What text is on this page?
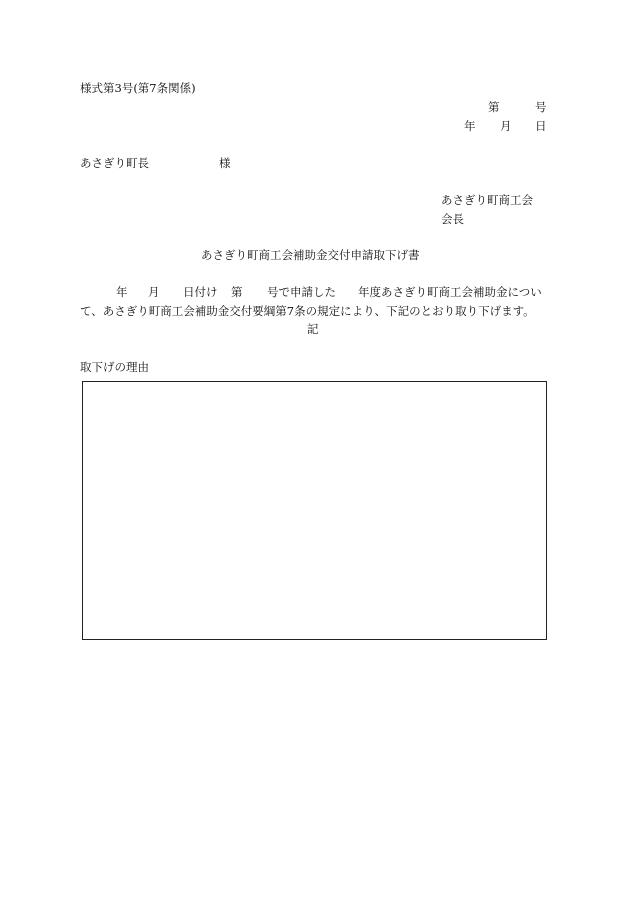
様式第3号(第7条関係)
第	号
年 月 日
あさぎり町長	様
あさぎり町商工会
会長
あさぎり町商工会補助金交付申請取下げ書
年 月 日付け 第 号で申請した 年度あさぎり町商工会補助金につい
て、あさぎり町商工会補助金交付要綱第7条の規定により、下記のとおり取り下げます。
記
取下げの理由
